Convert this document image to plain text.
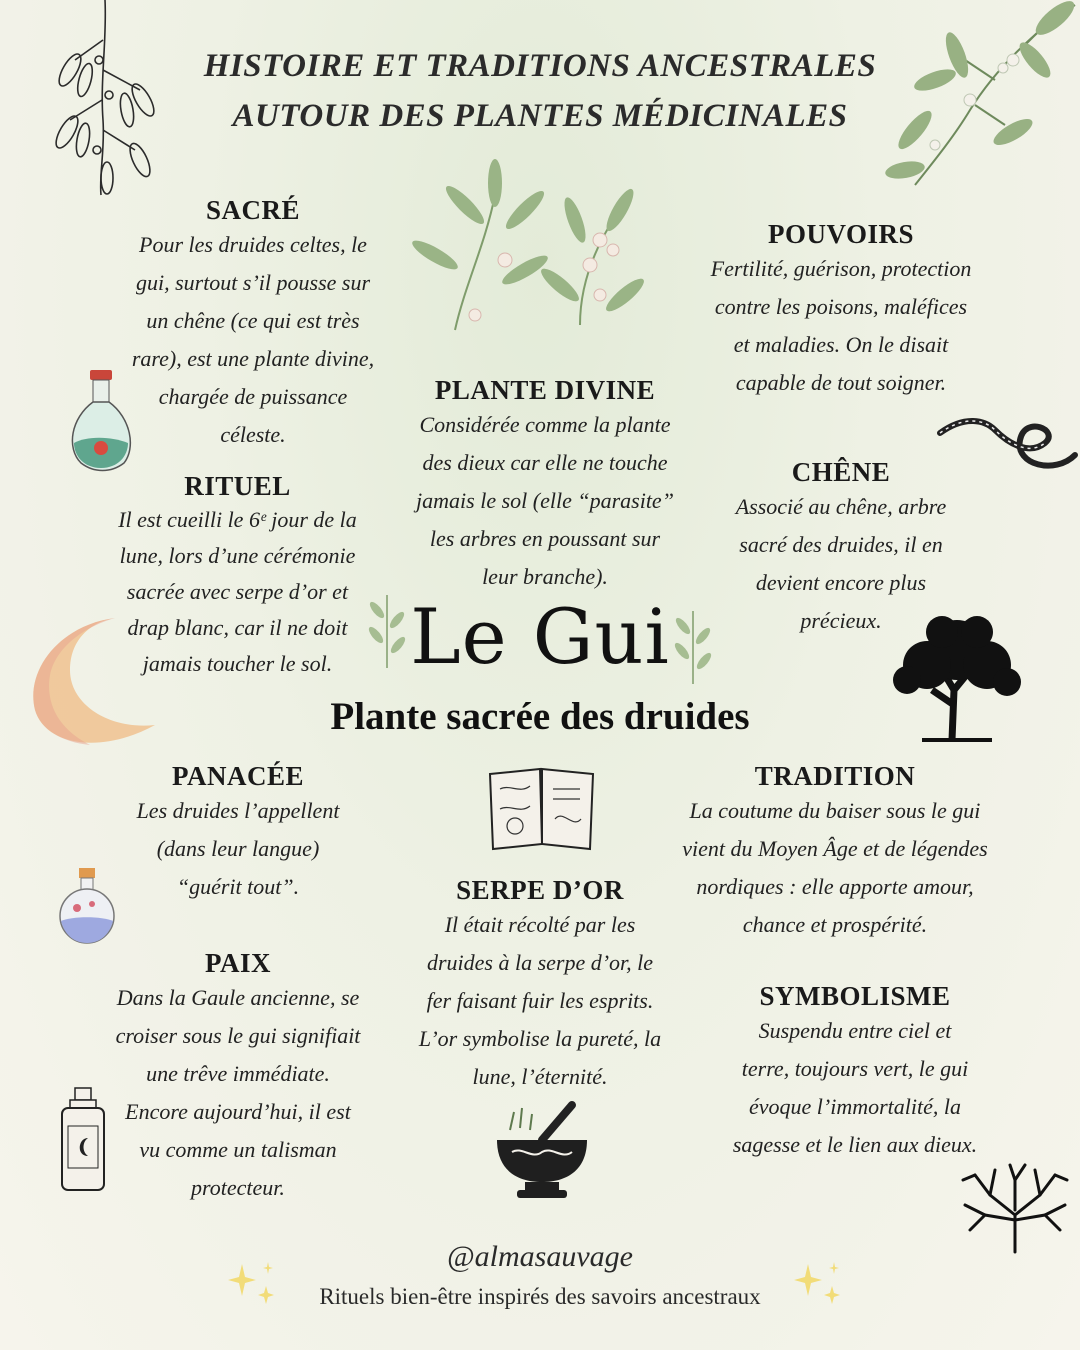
HISTOIRE ET TRADITIONS ANCESTRALES
AUTOUR DES PLANTES MÉDICINALES
SACRÉ
Pour les druides celtes, le
gui, surtout s’il pousse sur
un chêne (ce qui est très
rare), est une plante divine,
chargée de puissance
céleste.
POUVOIRS
Fertilité, guérison, protection
contre les poisons, maléfices
et maladies. On le disait
capable de tout soigner.
PLANTE DIVINE
Considérée comme la plante
des dieux car elle ne touche
jamais le sol (elle “parasite”
les arbres en poussant sur
leur branche).
RITUEL
Il est cueilli le 6ᵉ jour de la
lune, lors d’une cérémonie
sacrée avec serpe d’or et
drap blanc, car il ne doit
jamais toucher le sol.
CHÊNE
Associé au chêne, arbre
sacré des druides, il en
devient encore plus
précieux.
Le Gui
Plante sacrée des druides
PANACÉE
Les druides l’appellent
(dans leur langue)
“guérit tout”.
TRADITION
La coutume du baiser sous le gui
vient du Moyen Âge et de légendes
nordiques : elle apporte amour,
chance et prospérité.
SERPE D’OR
Il était récolté par les
druides à la serpe d’or, le
fer faisant fuir les esprits.
L’or symbolise la pureté, la
lune, l’éternité.
PAIX
Dans la Gaule ancienne, se
croiser sous le gui signifiait
une trêve immédiate.
Encore aujourd’hui, il est
vu comme un talisman
protecteur.
SYMBOLISME
Suspendu entre ciel et
terre, toujours vert, le gui
évoque l’immortalité, la
sagesse et le lien aux dieux.
@almasauvage
Rituels bien-être inspirés des savoirs ancestraux
